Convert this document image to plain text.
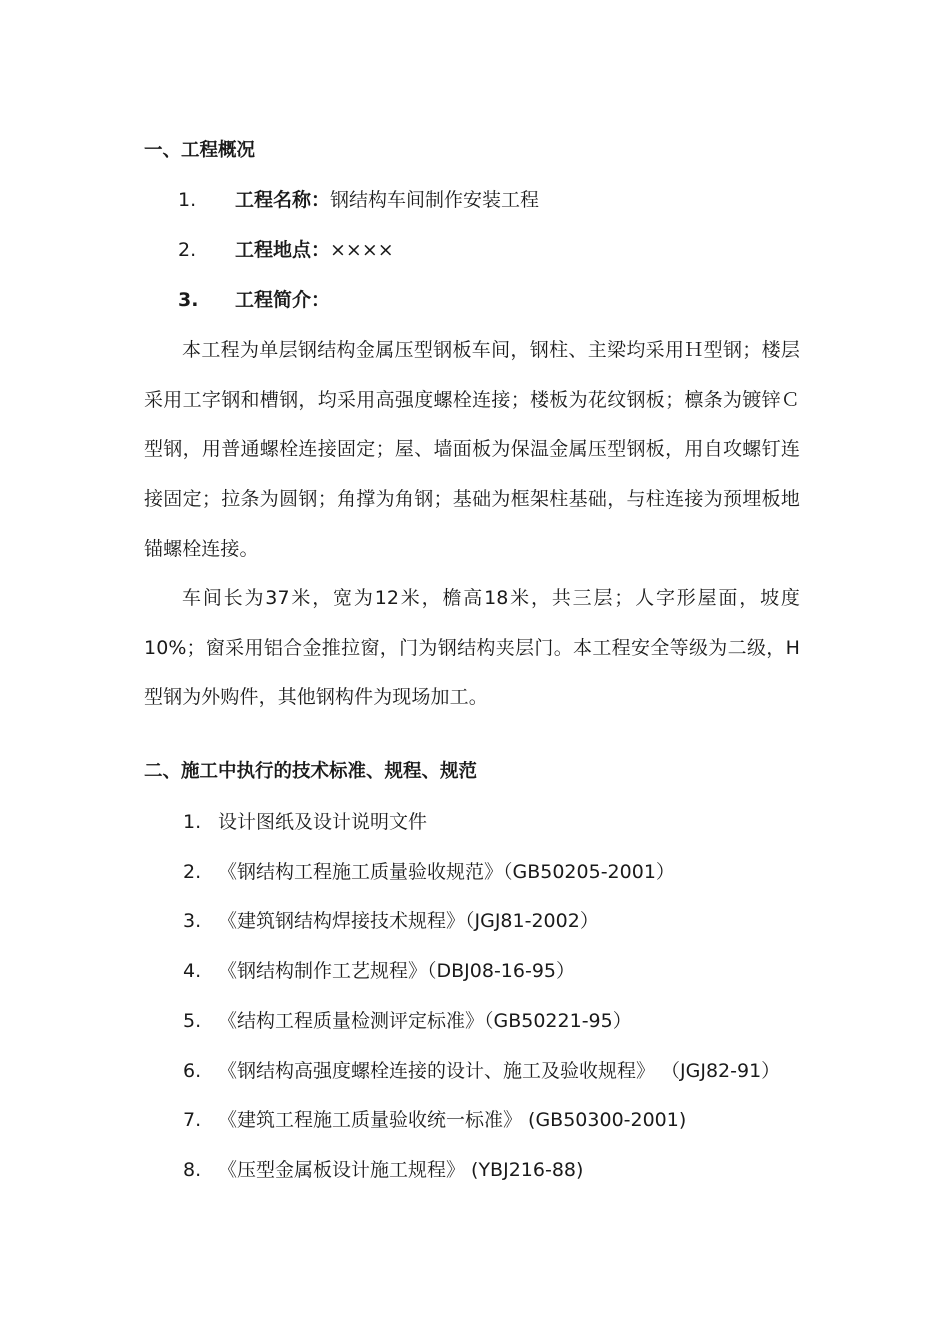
一、工程概况
1. 工程名称：钢结构车间制作安装工程
2. 工程地点：××××
3. 工程简介：
本工程为单层钢结构金属压型钢板车间，钢柱、主梁均采用Ｈ型钢；楼层采用工字钢和槽钢，均采用高强度螺栓连接；楼板为花纹钢板；檩条为镀锌Ｃ型钢，用普通螺栓连接固定；屋、墙面板为保温金属压型钢板，用自攻螺钉连接固定；拉条为圆钢；角撑为角钢；基础为框架柱基础，与柱连接为预埋板地锚螺栓连接。
车间长为37米，宽为12米，檐高18米，共三层；人字形屋面，坡度10%；窗采用铝合金推拉窗，门为钢结构夹层门。本工程安全等级为二级，H型钢为外购件，其他钢构件为现场加工。
二、施工中执行的技术标准、规程、规范
1. 设计图纸及设计说明文件
2. 《钢结构工程施工质量验收规范》（GB50205-2001）
3. 《建筑钢结构焊接技术规程》（JGJ81-2002）
4. 《钢结构制作工艺规程》（DBJ08-16-95）
5. 《结构工程质量检测评定标准》（GB50221-95）
6. 《钢结构高强度螺栓连接的设计、施工及验收规程》 （JGJ82-91）
7. 《建筑工程施工质量验收统一标准》 (GB50300-2001)
8. 《压型金属板设计施工规程》 (YBJ216-88)
